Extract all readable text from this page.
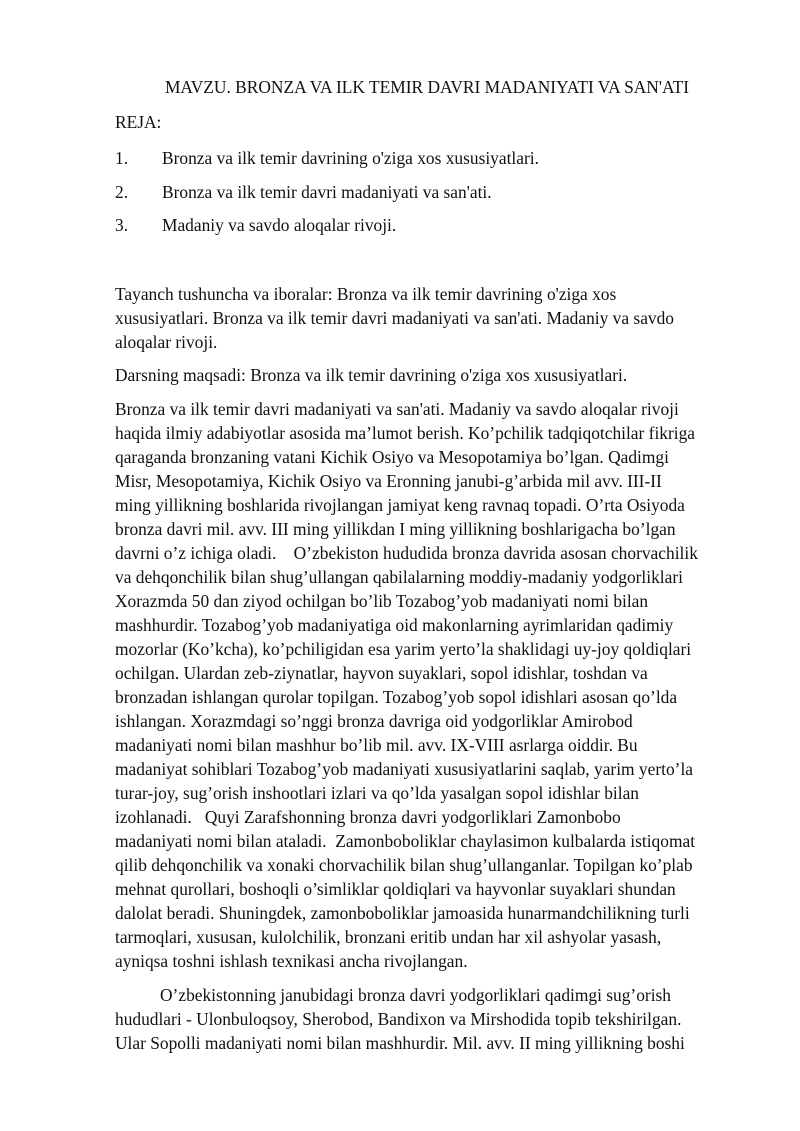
MAVZU. BRONZA VA ILK TEMIR DAVRI MADANIYATI VA SAN'ATI
REJA:
1. Bronza va ilk temir davrining o'ziga xos xususiyatlari.
2. Bronza va ilk temir davri madaniyati va san'ati.
3. Madaniy va savdo aloqalar rivoji.
Tayanch tushuncha va iboralar: Bronza va ilk temir davrining o'ziga xos
xususiyatlari. Bronza va ilk temir davri madaniyati va san'ati. Madaniy va savdo
aloqalar rivoji.
Darsning maqsadi: Bronza va ilk temir davrining o'ziga xos xususiyatlari.
Bronza va ilk temir davri madaniyati va san'ati. Madaniy va savdo aloqalar rivoji
haqida ilmiy adabiyotlar asosida ma’lumot berish. Ko’pchilik tadqiqotchilar fikriga
qaraganda bronzaning vatani Kichik Osiyo va Mesopotamiya bo’lgan. Qadimgi
Misr, Mesopotamiya, Kichik Osiyo va Eronning janubi-g’arbida mil avv. III-II
ming yillikning boshlarida rivojlangan jamiyat keng ravnaq topadi. O’rta Osiyoda
bronza davri mil. avv. III ming yillikdan I ming yillikning boshlarigacha bo’lgan
davrni o’z ichiga oladi.    O’zbekiston hududida bronza davrida asosan chorvachilik
va dehqonchilik bilan shug’ullangan qabilalarning moddiy-madaniy yodgorliklari
Xorazmda 50 dan ziyod ochilgan bo’lib Tozabog’yob madaniyati nomi bilan
mashhurdir. Tozabog’yob madaniyatiga oid makonlarning ayrimlaridan qadimiy
mozorlar (Ko’kcha), ko’pchiligidan esa yarim yerto’la shaklidagi uy-joy qoldiqlari
ochilgan. Ulardan zeb-ziynatlar, hayvon suyaklari, sopol idishlar, toshdan va
bronzadan ishlangan qurolar topilgan. Tozabog’yob sopol idishlari asosan qo’lda
ishlangan. Xorazmdagi so’nggi bronza davriga oid yodgorliklar Amirobod
madaniyati nomi bilan mashhur bo’lib mil. avv. IX-VIII asrlarga oiddir. Bu
madaniyat sohiblari Tozabog’yob madaniyati xususiyatlarini saqlab, yarim yerto’la
turar-joy, sug’orish inshootlari izlari va qo’lda yasalgan sopol idishlar bilan
izohlanadi.   Quyi Zarafshonning bronza davri yodgorliklari Zamonbobo
madaniyati nomi bilan ataladi.  Zamonboboliklar chaylasimon kulbalarda istiqomat
qilib dehqonchilik va xonaki chorvachilik bilan shug’ullanganlar. Topilgan ko’plab
mehnat qurollari, boshoqli o’simliklar qoldiqlari va hayvonlar suyaklari shundan
dalolat beradi. Shuningdek, zamonboboliklar jamoasida hunarmandchilikning turli
tarmoqlari, xususan, kulolchilik, bronzani eritib undan har xil ashyolar yasash,
ayniqsa toshni ishlash texnikasi ancha rivojlangan.
O’zbekistonning janubidagi bronza davri yodgorliklari qadimgi sug’orish
hududlari - Ulonbuloqsoy, Sherobod, Bandixon va Mirshodida topib tekshirilgan.
Ular Sopolli madaniyati nomi bilan mashhurdir. Mil. avv. II ming yillikning boshi
